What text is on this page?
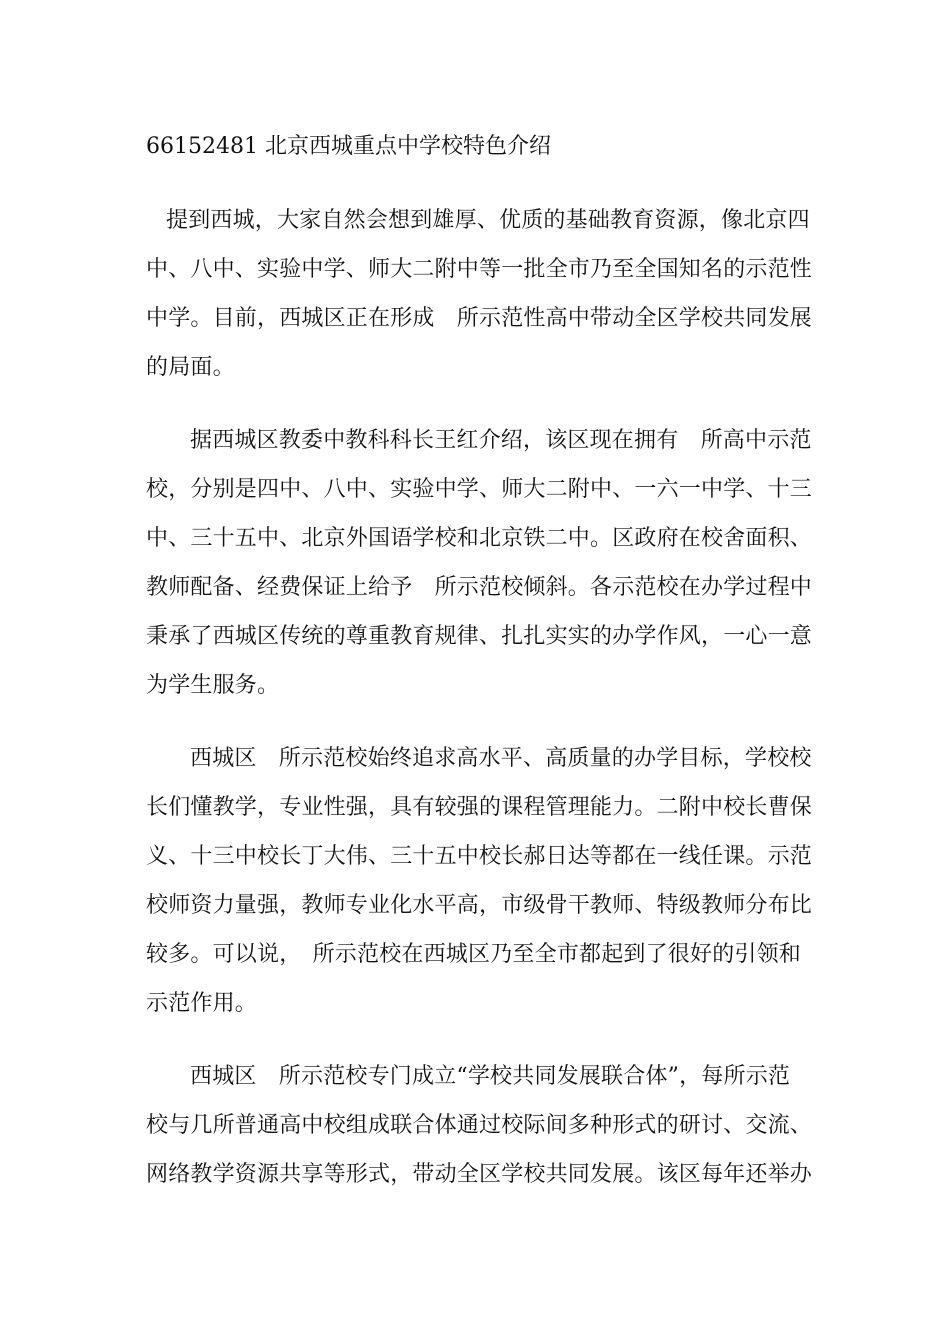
66152481 北京西城重点中学校特色介绍
提到西城，大家自然会想到雄厚、优质的基础教育资源，像北京四
中、八中、实验中学、师大二附中等一批全市乃至全国知名的示范性
中学。目前，西城区正在形成　所示范性高中带动全区学校共同发展
的局面。
据西城区教委中教科科长王红介绍，该区现在拥有　所高中示范
校，分别是四中、八中、实验中学、师大二附中、一六一中学、十三
中、三十五中、北京外国语学校和北京铁二中。区政府在校舍面积、
教师配备、经费保证上给予　所示范校倾斜。各示范校在办学过程中
秉承了西城区传统的尊重教育规律、扎扎实实的办学作风，一心一意
为学生服务。
西城区　所示范校始终追求高水平、高质量的办学目标，学校校
长们懂教学，专业性强，具有较强的课程管理能力。二附中校长曹保
义、十三中校长丁大伟、三十五中校长郝日达等都在一线任课。示范
校师资力量强，教师专业化水平高，市级骨干教师、特级教师分布比
较多。可以说，　所示范校在西城区乃至全市都起到了很好的引领和
示范作用。
西城区　所示范校专门成立“学校共同发展联合体”，每所示范
校与几所普通高中校组成联合体通过校际间多种形式的研讨、交流、
网络教学资源共享等形式，带动全区学校共同发展。该区每年还举办
